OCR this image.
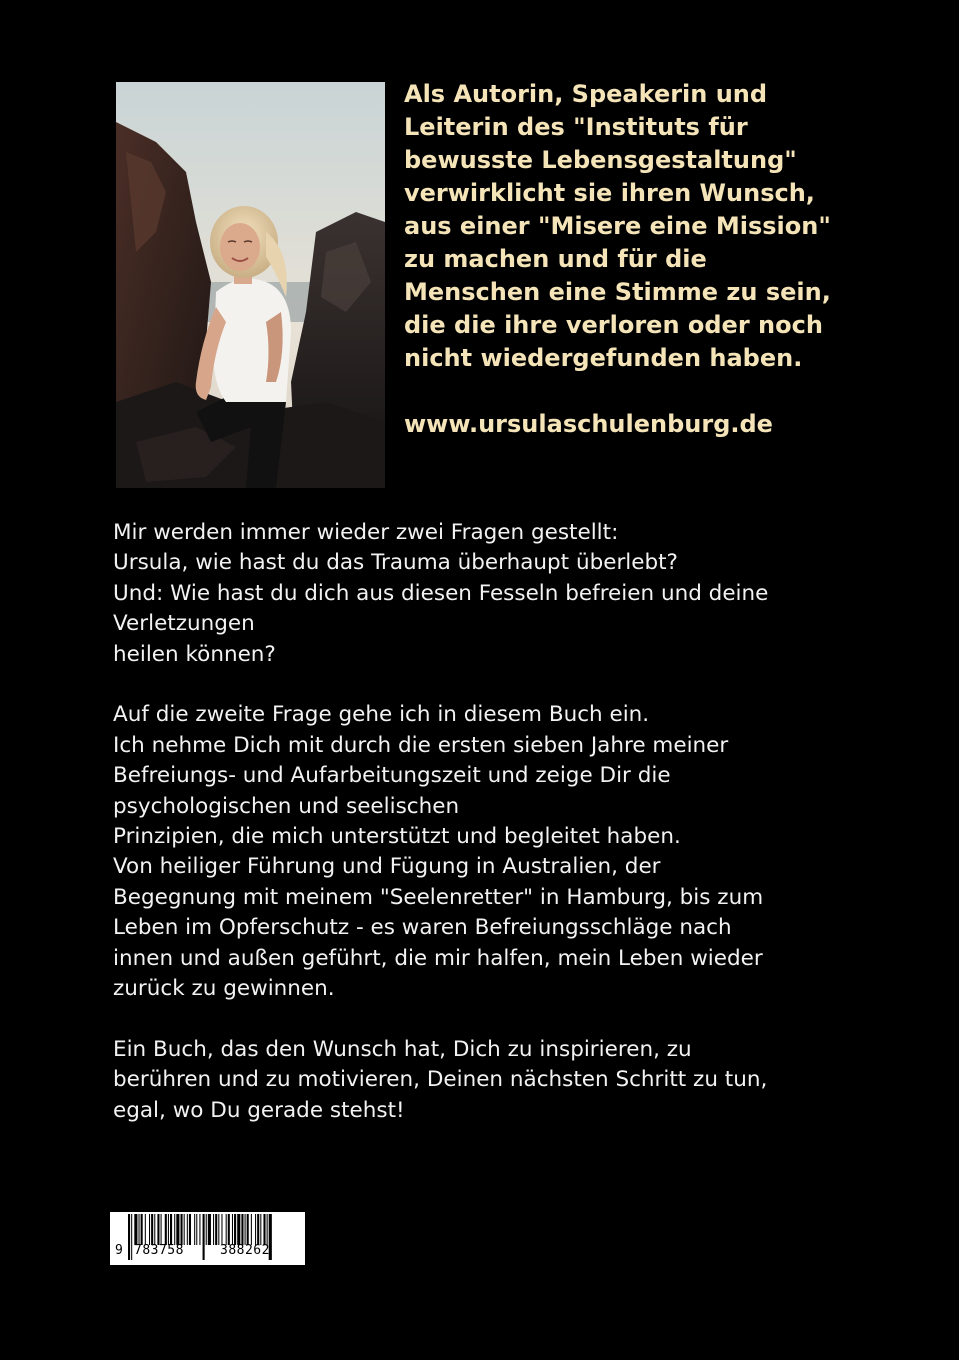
Als Autorin, Speakerin und
Leiterin des "Instituts für
bewusste Lebensgestaltung"
verwirklicht sie ihren Wunsch,
aus einer "Misere eine Mission"
zu machen und für die
Menschen eine Stimme zu sein,
die die ihre verloren oder noch
nicht wiedergefunden haben.

www.ursulaschulenburg.de

Mir werden immer wieder zwei Fragen gestellt:
Ursula, wie hast du das Trauma überhaupt überlebt?
Und: Wie hast du dich aus diesen Fesseln befreien und deine
Verletzungen
heilen können?

Auf die zweite Frage gehe ich in diesem Buch ein.
Ich nehme Dich mit durch die ersten sieben Jahre meiner
Befreiungs- und Aufarbeitungszeit und zeige Dir die
psychologischen und seelischen
Prinzipien, die mich unterstützt und begleitet haben.
Von heiliger Führung und Fügung in Australien, der
Begegnung mit meinem "Seelenretter" in Hamburg, bis zum
Leben im Opferschutz - es waren Befreiungsschläge nach
innen und außen geführt, die mir halfen, mein Leben wieder
zurück zu gewinnen.

Ein Buch, das den Wunsch hat, Dich zu inspirieren, zu
berühren und zu motivieren, Deinen nächsten Schritt zu tun,
egal, wo Du gerade stehst!

9 783758	388262
